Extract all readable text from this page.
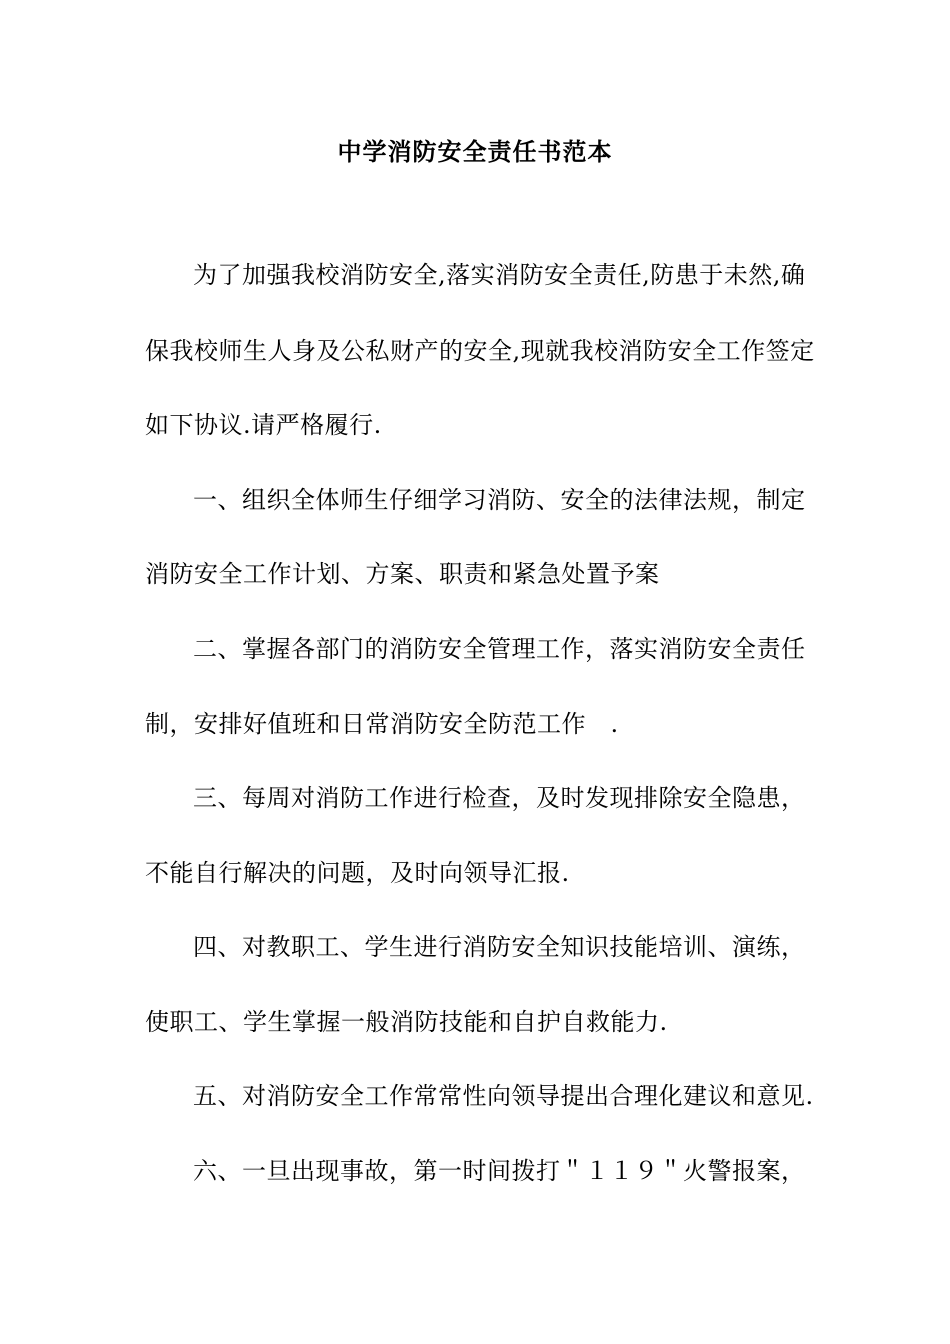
中学消防安全责任书范本
为了加强我校消防安全,落实消防安全责任,防患于未然,确
保我校师生人身及公私财产的安全,现就我校消防安全工作签定
如下协议.请严格履行.
一、组织全体师生仔细学习消防、安全的法律法规，制定
消防安全工作计划、方案、职责和紧急处置予案
二、掌握各部门的消防安全管理工作，落实消防安全责任
制，安排好值班和日常消防安全防范工作　.
三、每周对消防工作进行检查，及时发现排除安全隐患，
不能自行解决的问题，及时向领导汇报.
四、对教职工、学生进行消防安全知识技能培训、演练，
使职工、学生掌握一般消防技能和自护自救能力.
五、对消防安全工作常常性向领导提出合理化建议和意见.
六、一旦出现事故，第一时间拨打＂１１９＂火警报案，
